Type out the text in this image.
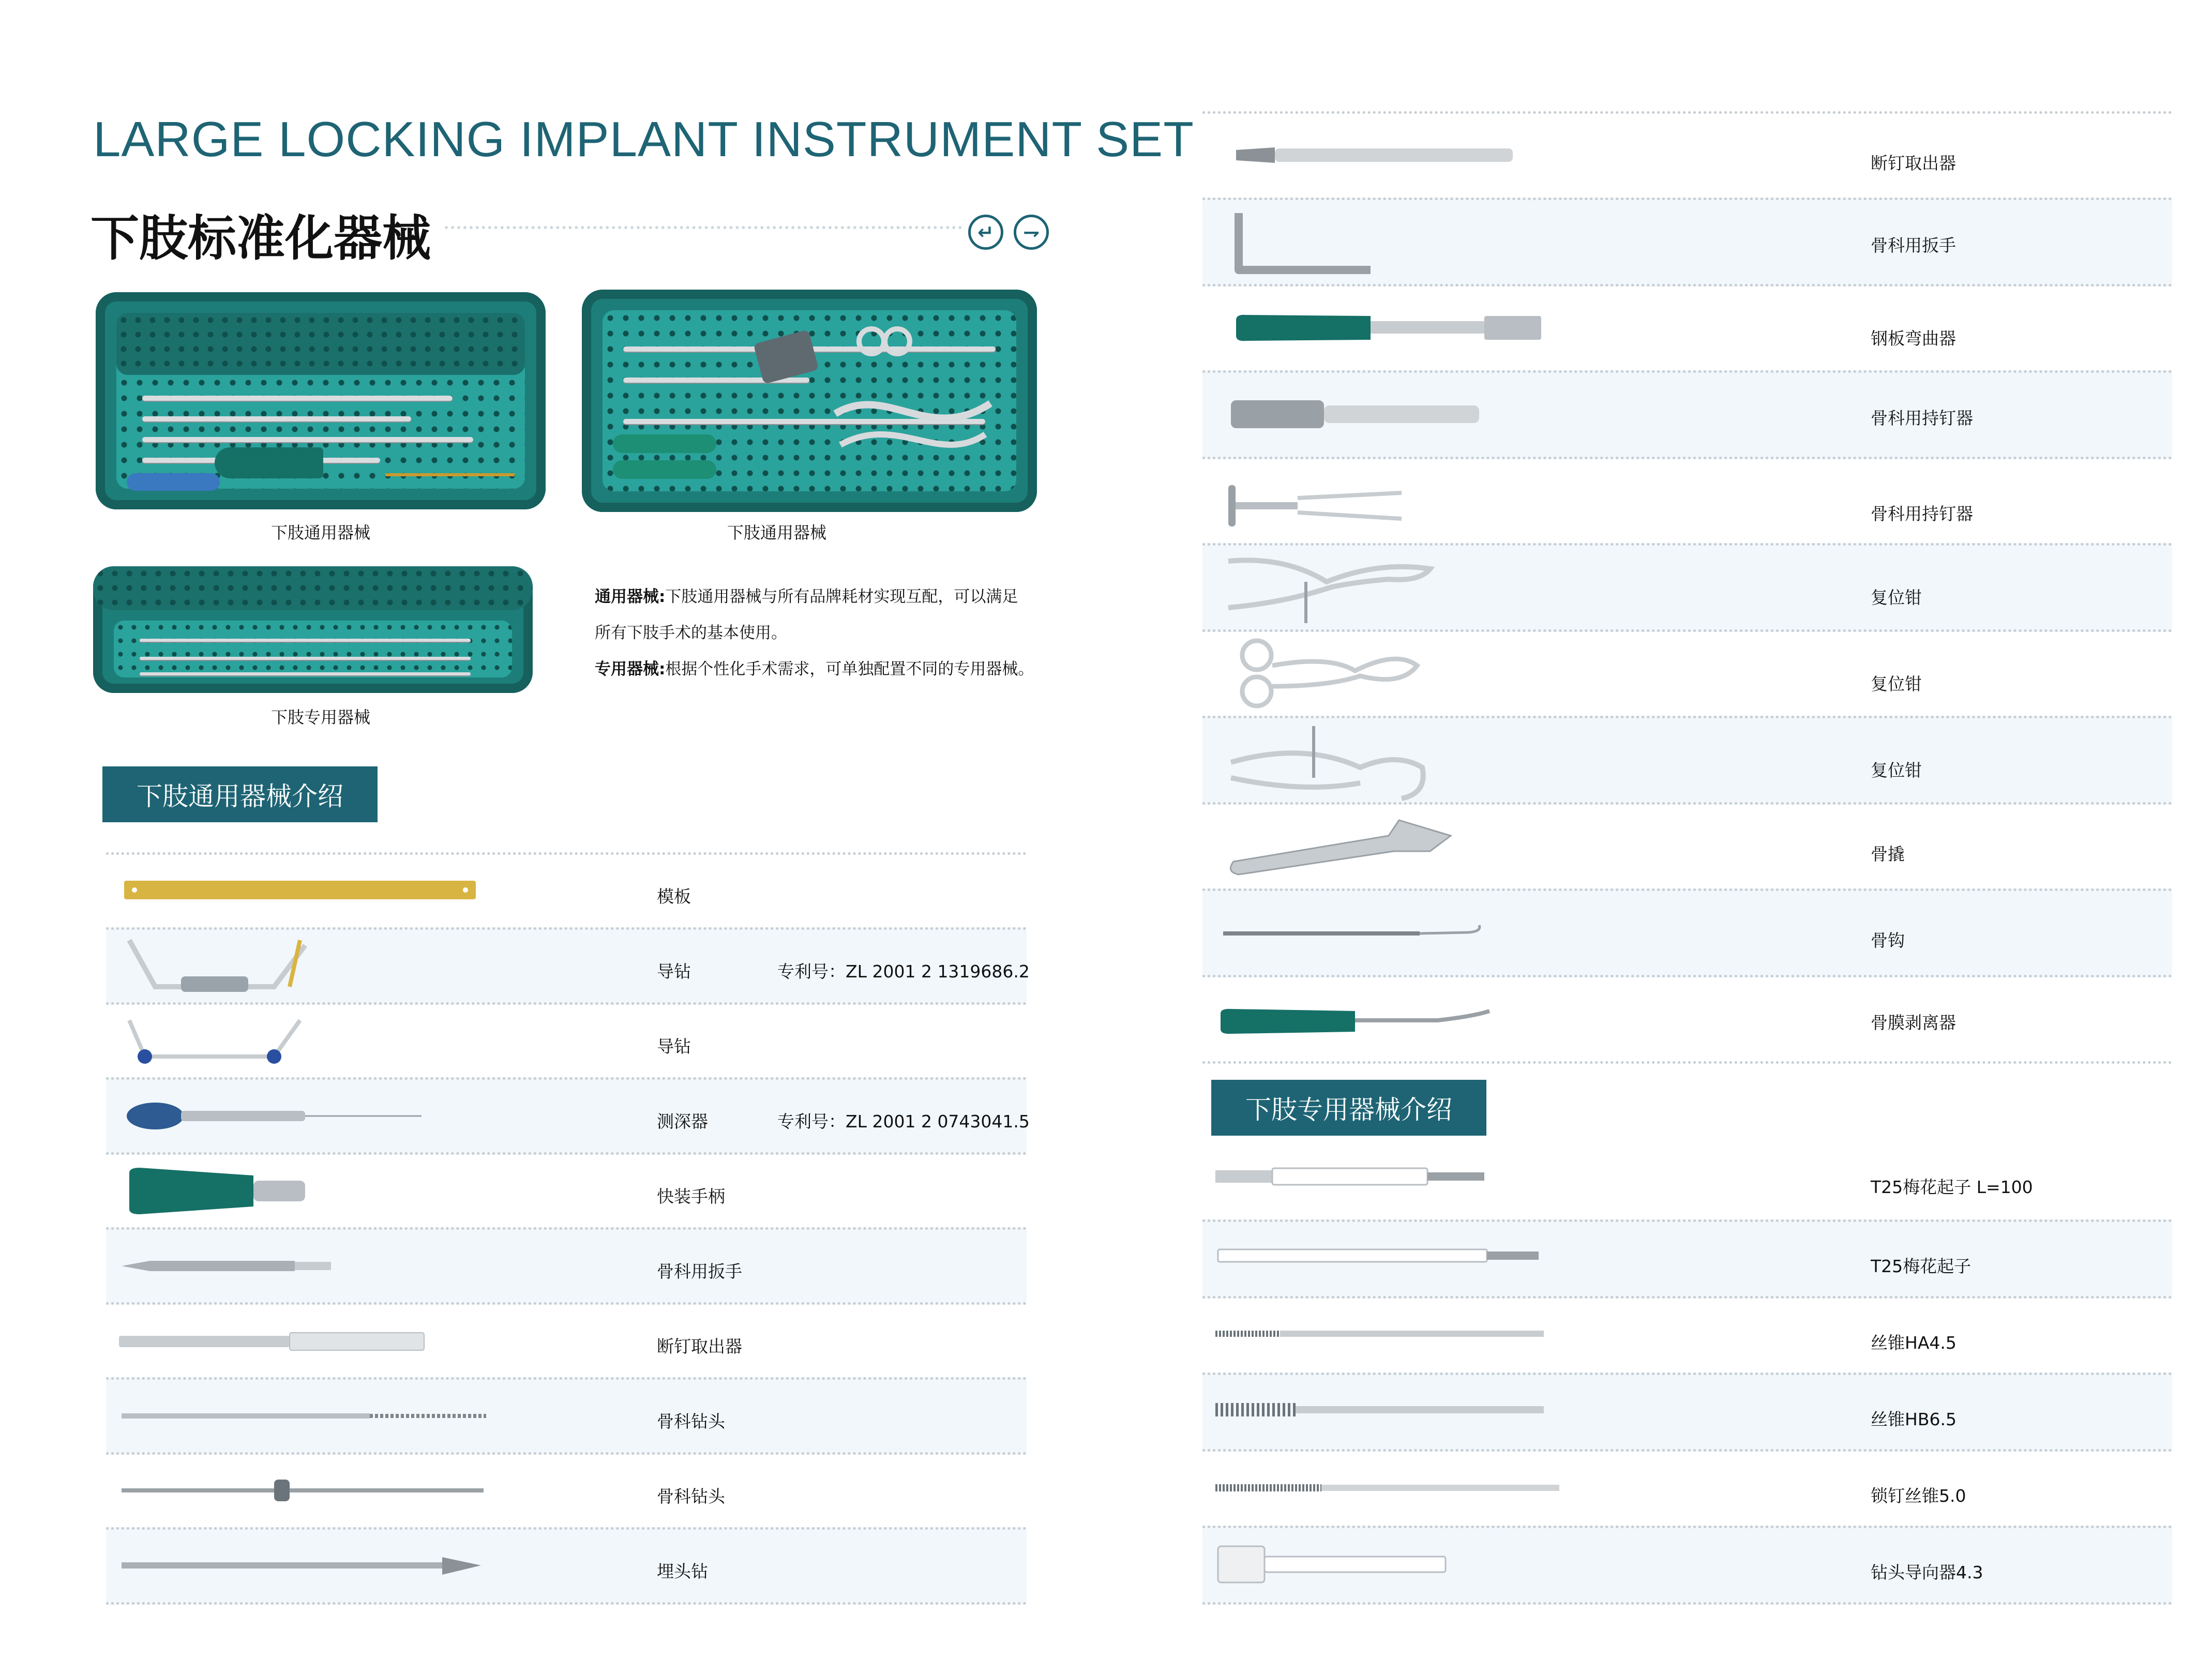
LARGE LOCKING IMPLANT INSTRUMENT SET
下肢标准化器械	↵ ⇁
下肢通用器械	下肢通用器械
下肢专用器械
通用器械:下肢通用器械与所有品牌耗材实现互配，可以满足
所有下肢手术的基本使用。
专用器械:根据个性化手术需求，可单独配置不同的专用器械。
下肢通用器械介绍
模板
导钻	专利号：ZL 2001 2 1319686.2
导钻
测深器	专利号：ZL 2001 2 0743041.5
快装手柄
骨科用扳手
断钉取出器
骨科钻头
骨科钻头
埋头钻
断钉取出器
骨科用扳手
钢板弯曲器
骨科用持钉器
骨科用持钉器
复位钳
复位钳
复位钳
骨撬
骨钩
骨膜剥离器
下肢专用器械介绍
T25梅花起子 L=100
T25梅花起子
丝锥HA4.5
丝锥HB6.5
锁钉丝锥5.0
钻头导向器4.3
